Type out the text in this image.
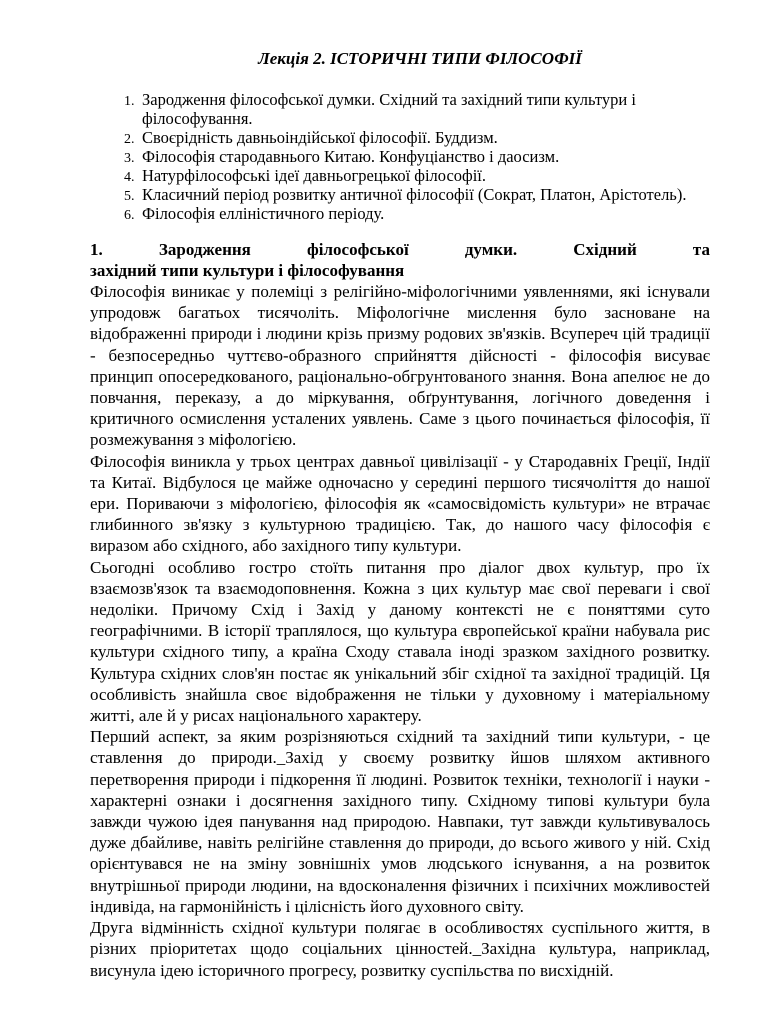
Лекція 2. ІСТОРИЧНІ ТИПИ ФІЛОСОФІЇ
1. Зародження філософської думки. Східний та західний типи культури і філософування.
2. Своєрідність давньоіндійської філософії. Буддизм.
3. Філософія стародавнього Китаю. Конфуціанство і даосизм.
4. Натурфілософські ідеї давньогрецької філософії.
5. Класичний період розвитку античної філософії (Сократ, Платон, Арістотель).
6. Філософія елліністичного періоду.
1.	Зародження	філософської	думки.	Східний	та
західний типи культури і філософування

Філософія виникає у полеміці з релігійно-міфологічними уявленнями, які існували упродовж багатьох тисячоліть. Міфологічне мислення було засноване на відображенні природи і людини крізь призму родових зв'язків. Всупереч цій традиції - безпосередньо чуттєво-образного сприйняття дійсності - філософія висуває принцип опосередкованого, раціонально-обгрунтованого знання. Вона апелює не до повчання, переказу, а до міркування, обґрунтування, логічного доведення і критичного осмислення усталених уявлень. Саме з цього починається філософія, її розмежування з міфологією.

Філософія виникла у трьох центрах давньої цивілізації - у Стародавніх Греції, Індії та Китаї. Відбулося це майже одночасно у середині першого тисячоліття до нашої ери. Пориваючи з міфологією, філософія як «самосвідомість культури» не втрачає глибинного зв'язку з культурною традицією. Так, до нашого часу філософія є виразом або східного, або західного типу культури.

Сьогодні особливо гостро стоїть питання про діалог двох культур, про їх взаємозв'язок та взаємодоповнення. Кожна з цих культур має свої переваги і свої недоліки. Причому Схід і Захід у даному контексті не є поняттями суто географічними. В історії траплялося, що культура європейської країни набувала рис культури східного типу, а країна Сходу ставала іноді зразком західного розвитку. Культура східних слов'ян постає як унікальний збіг східної та західної традицій. Ця особливість знайшла своє відображення не тільки у духовному і матеріальному житті, але й у рисах національного характеру.

Перший аспект, за яким розрізняються східний та західний типи культури, - це ставлення до природи._Захід у своєму розвитку йшов шляхом активного перетворення природи і підкорення її людині. Розвиток техніки, технології і науки - характерні ознаки і досягнення західного типу. Східному типові культури була завжди чужою ідея панування над природою. Навпаки, тут завжди культивувалось дуже дбайливе, навіть релігійне ставлення до природи, до всього живого у ній. Схід орієнтувався не на зміну зовнішніх умов людського існування, а на розвиток внутрішньої природи людини, на вдосконалення фізичних і психічних можливостей індивіда, на гармонійність і цілісність його духовного світу.

Друга відмінність східної культури полягає в особливостях суспільного життя, в різних пріоритетах щодо соціальних цінностей._Західна культура, наприклад, висунула ідею історичного прогресу, розвитку суспільства по висхідній.
